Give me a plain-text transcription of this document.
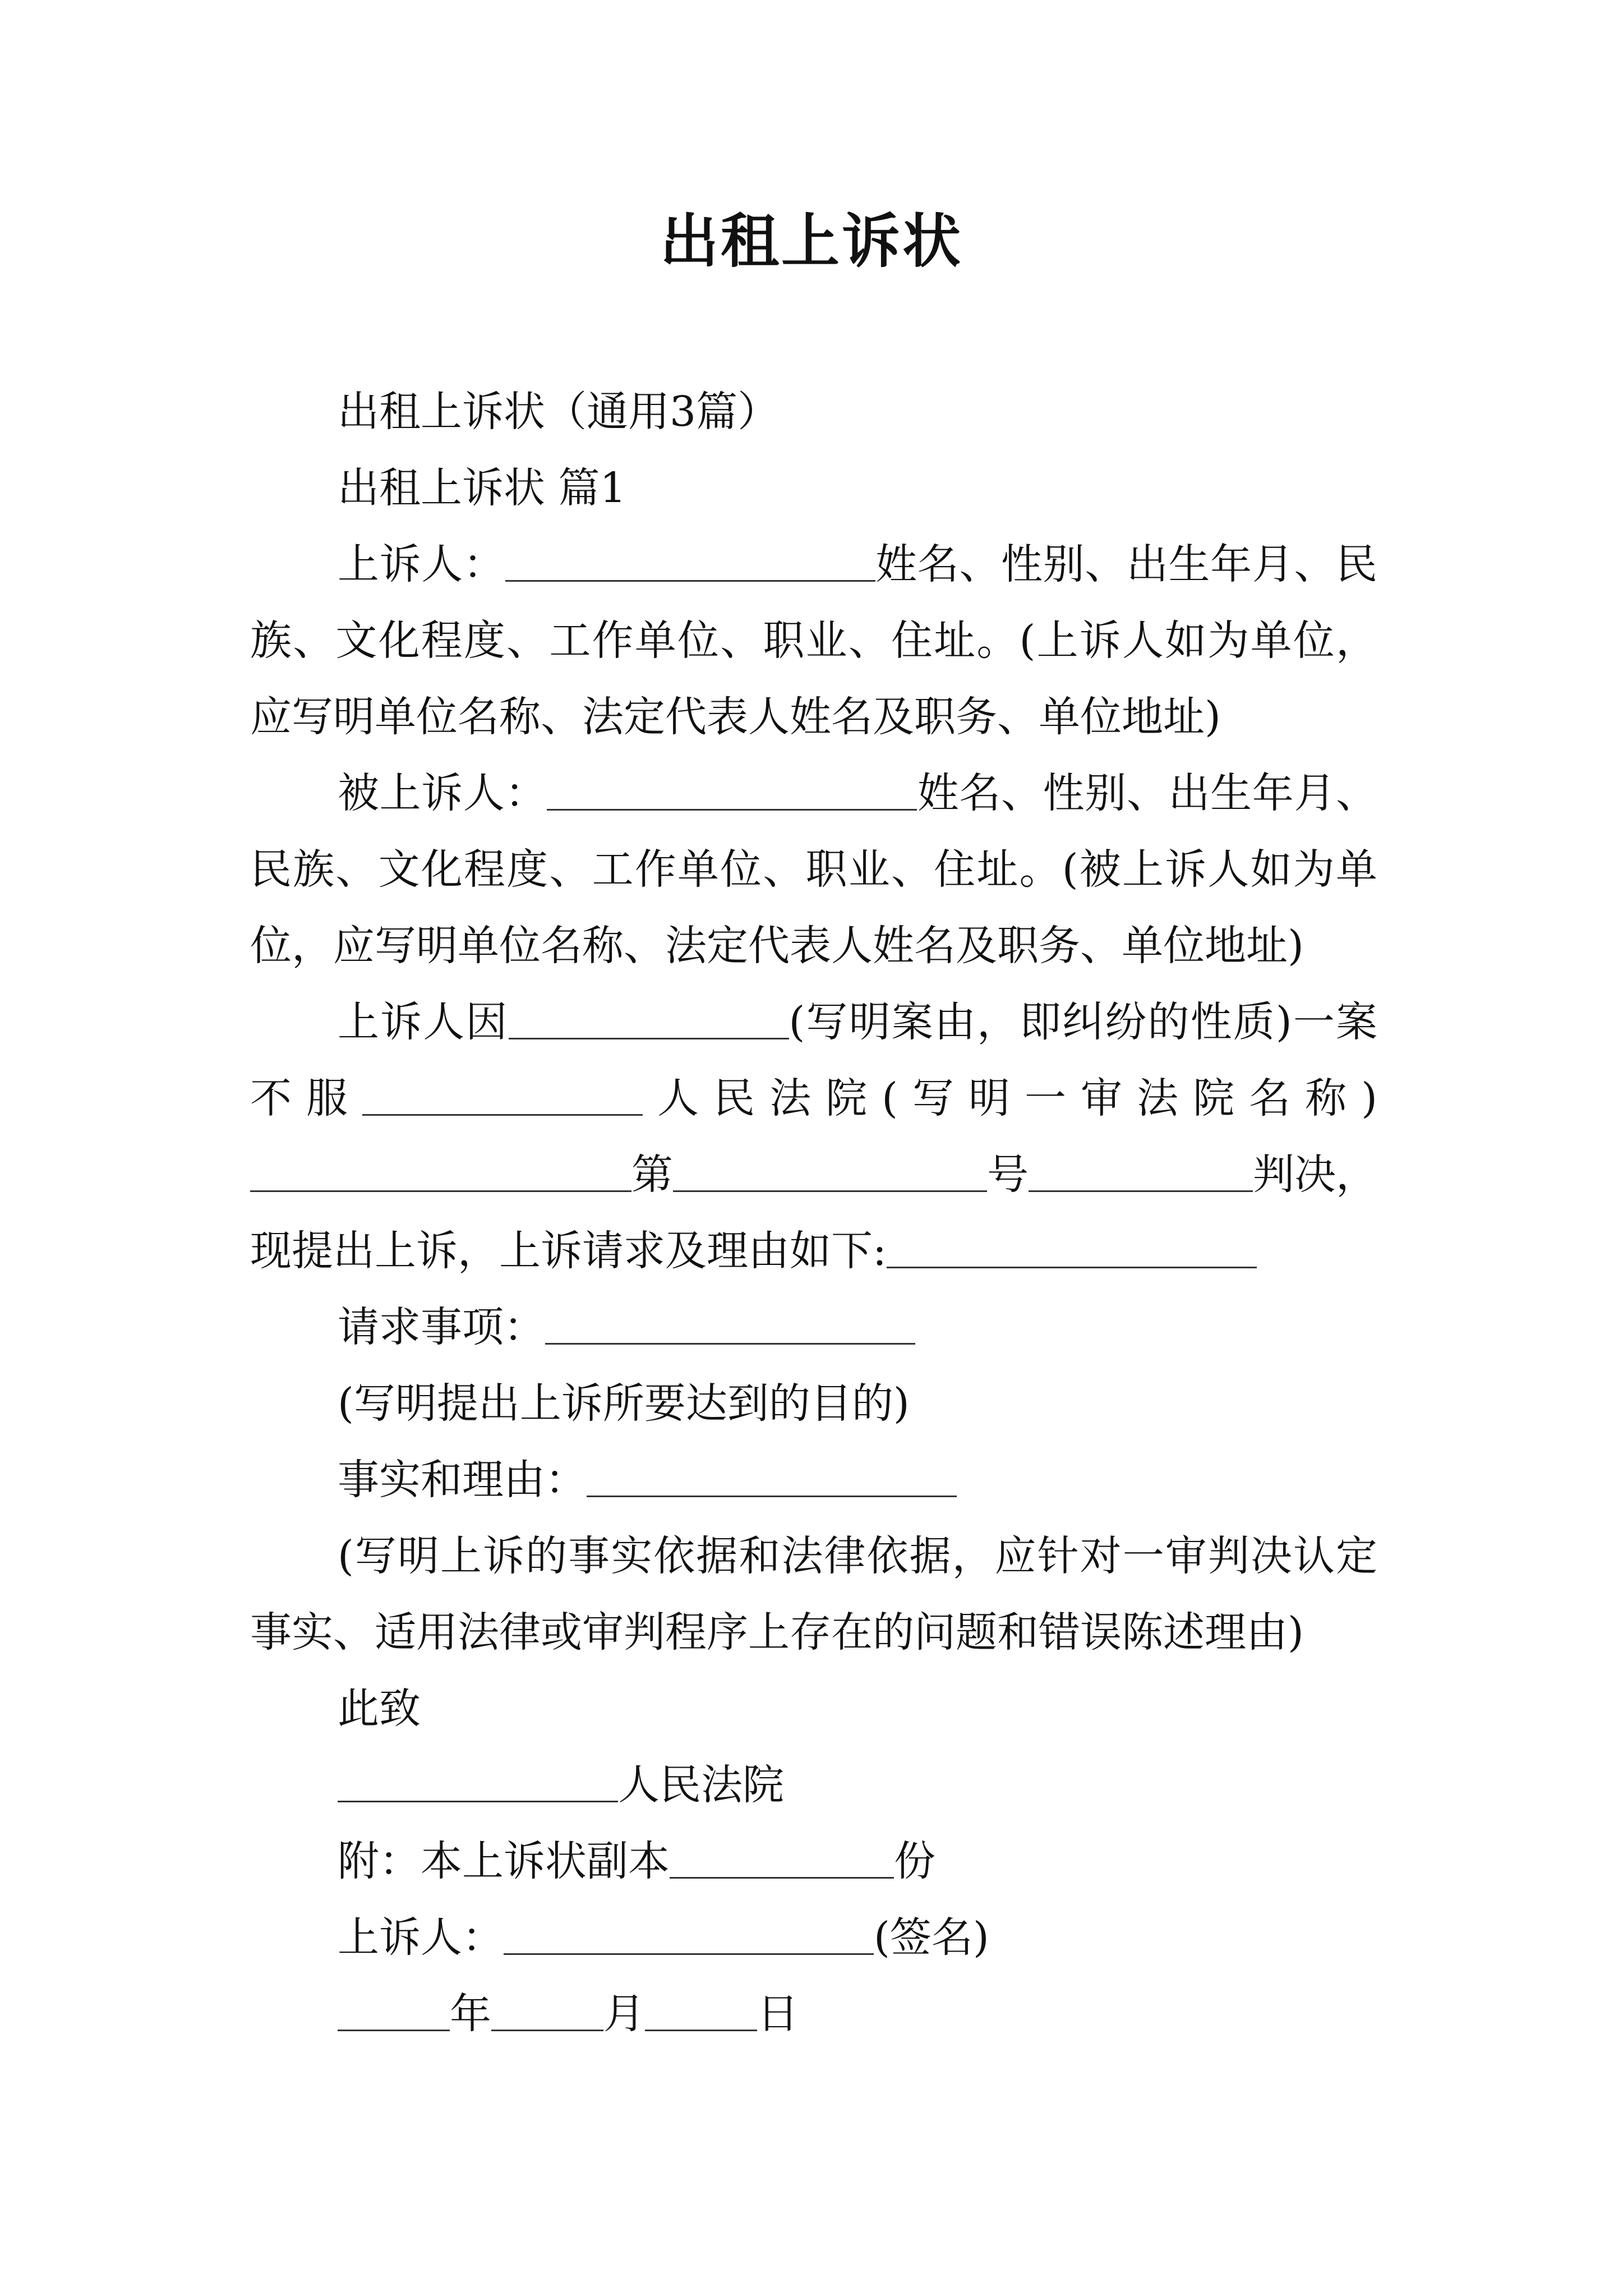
出租上诉状

出租上诉状（通用3篇）

出租上诉状 篇1

上诉人：	姓名、性别、出生年月、民族、文化程度、工作单位、职业、住址。(上诉人如为单位，应写明单位名称、法定代表人姓名及职务、单位地址)

被上诉人：	姓名、性别、出生年月、民族、文化程度、工作单位、职业、住址。(被上诉人如为单位，应写明单位名称、法定代表人姓名及职务、单位地址)

上诉人因	(写明案由，即纠纷的性质)一案不服	人民法院(写明一审法院名称)第	号	判决，现提出上诉，上诉请求及理由如下:

请求事项：

(写明提出上诉所要达到的目的)

事实和理由：

(写明上诉的事实依据和法律依据，应针对一审判决认定事实、适用法律或审判程序上存在的问题和错误陈述理由)

此致

人民法院

附：本上诉状副本	份

上诉人：	(签名)

年	月	日
